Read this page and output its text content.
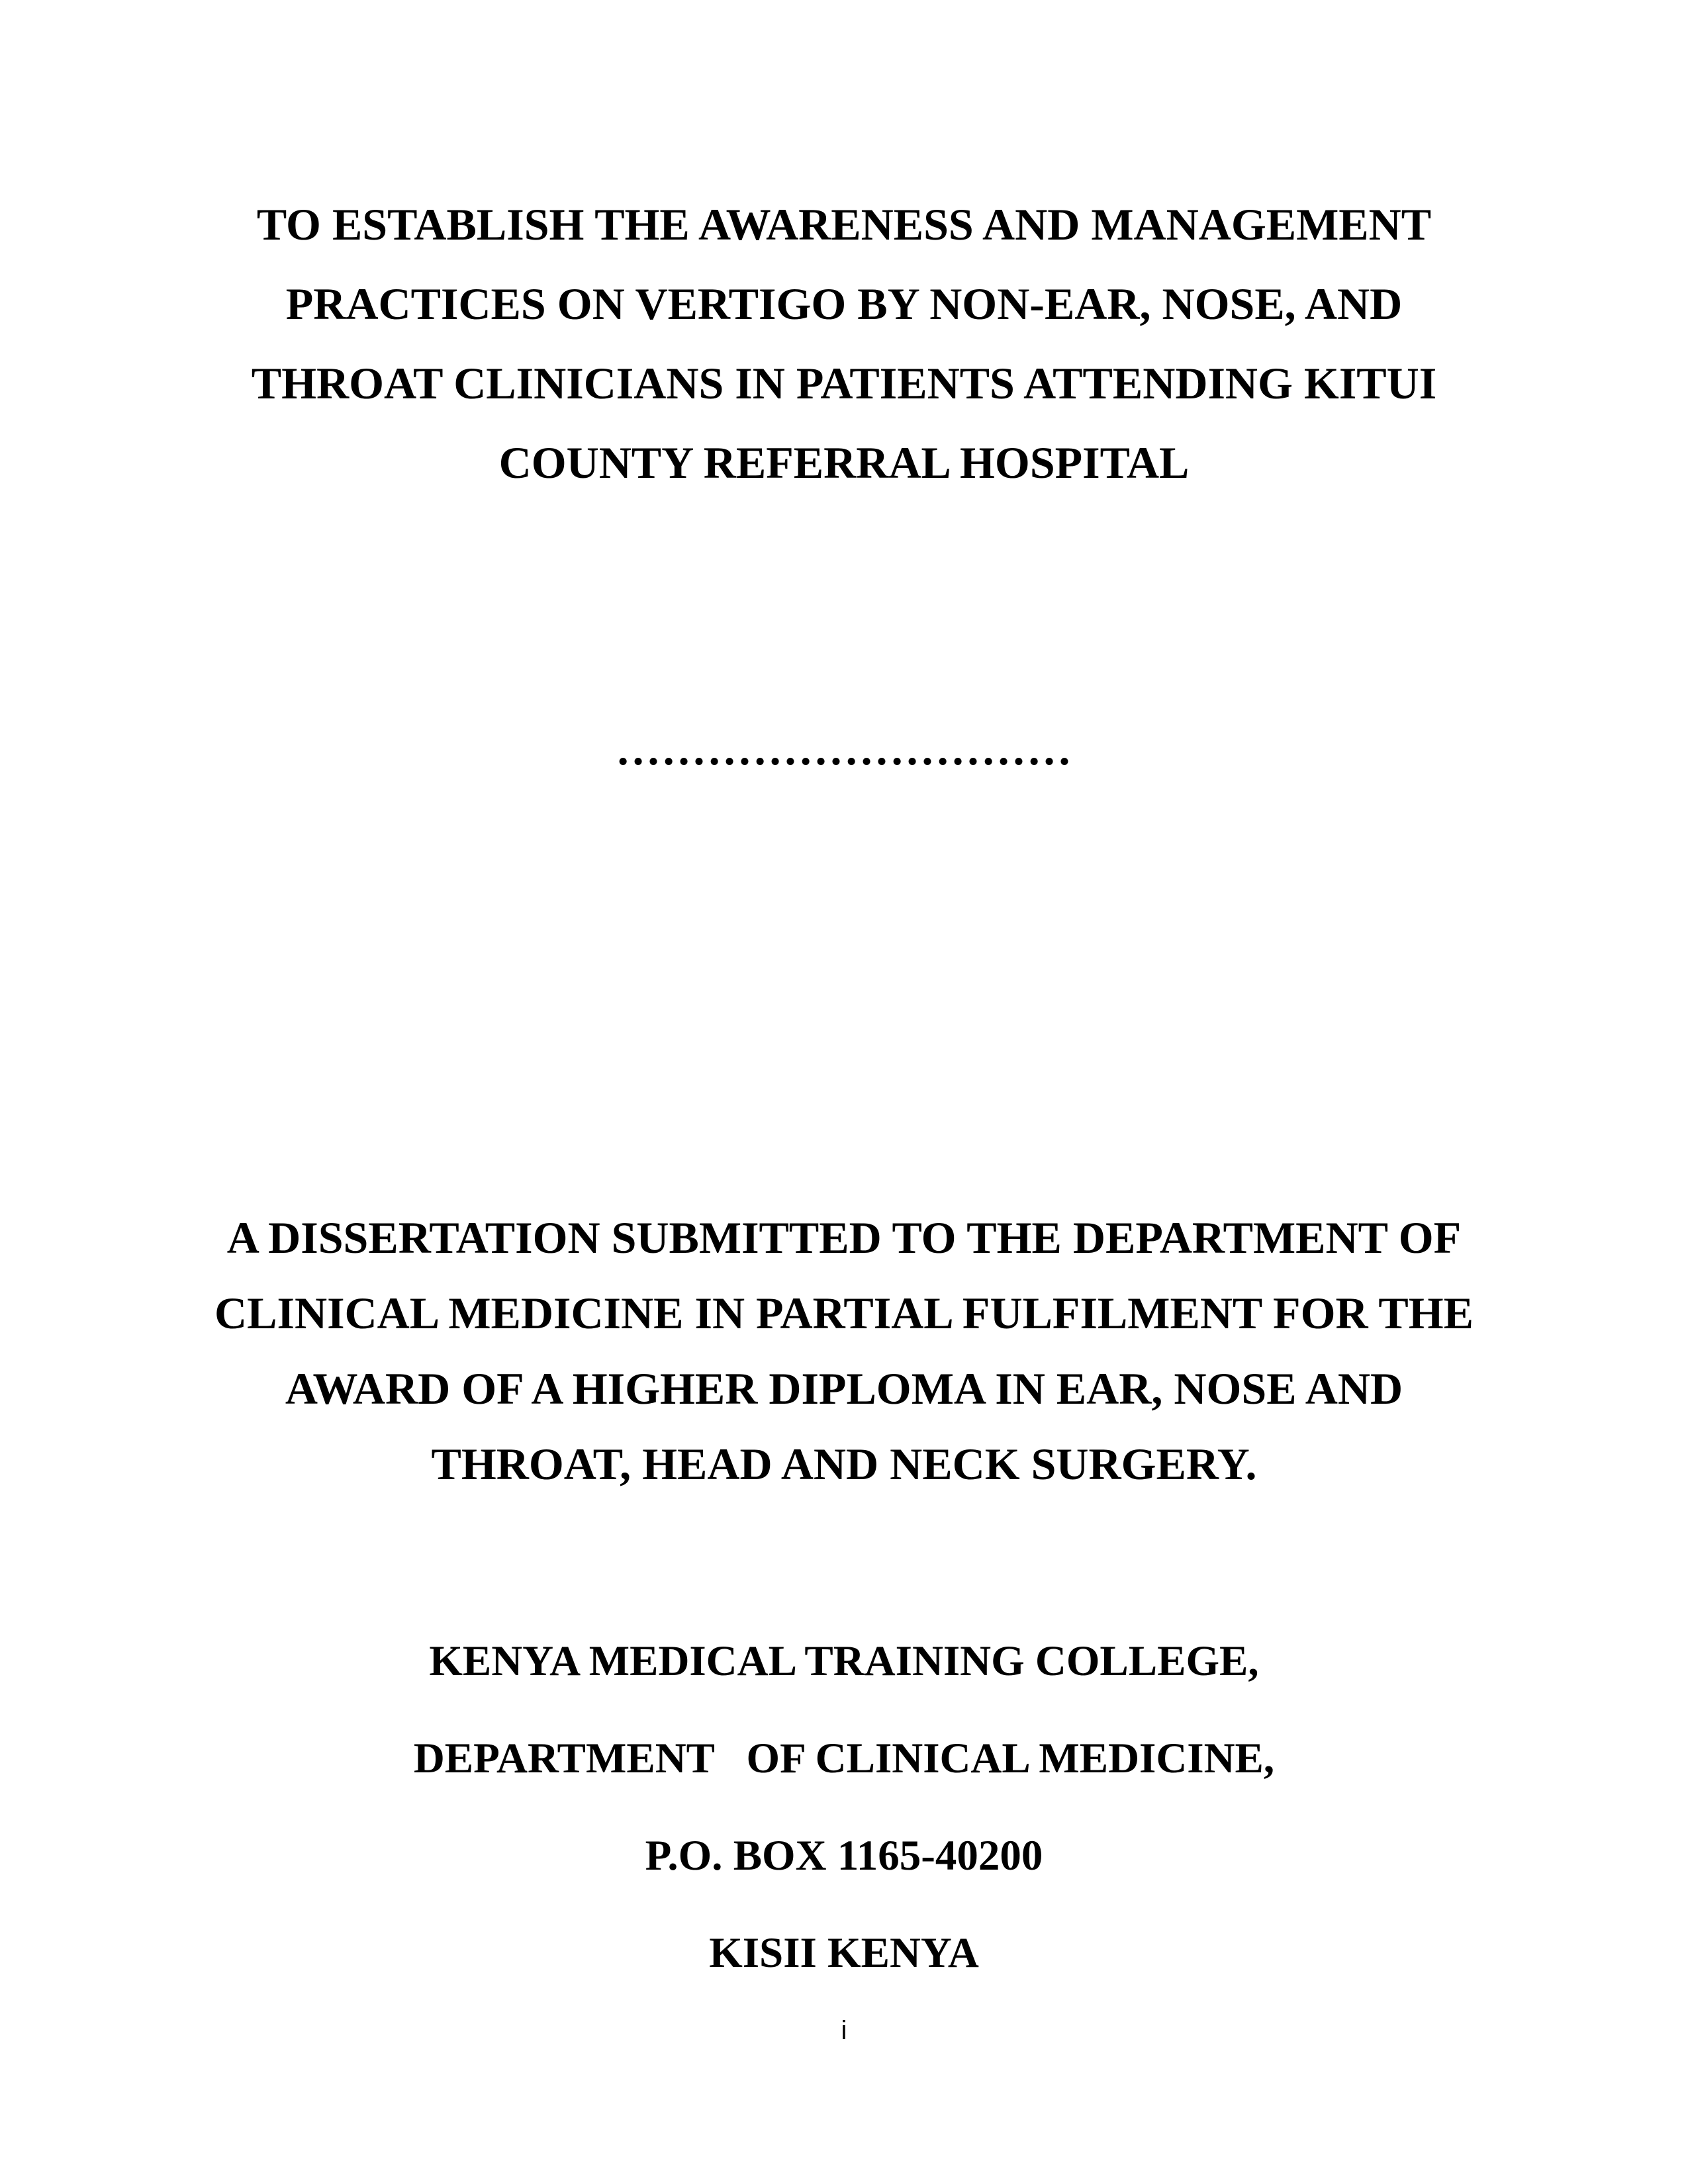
TO ESTABLISH THE AWARENESS AND MANAGEMENT
PRACTICES ON VERTIGO BY NON-EAR, NOSE, AND
THROAT CLINICIANS IN PATIENTS ATTENDING KITUI
COUNTY REFERRAL HOSPITAL
…………………………
A DISSERTATION SUBMITTED TO THE DEPARTMENT OF
CLINICAL MEDICINE IN PARTIAL FULFILMENT FOR THE
AWARD OF A HIGHER DIPLOMA IN EAR, NOSE AND
THROAT, HEAD AND NECK SURGERY.
KENYA MEDICAL TRAINING COLLEGE,
DEPARTMENT   OF CLINICAL MEDICINE,
P.O. BOX 1165-40200
KISII KENYA
i
